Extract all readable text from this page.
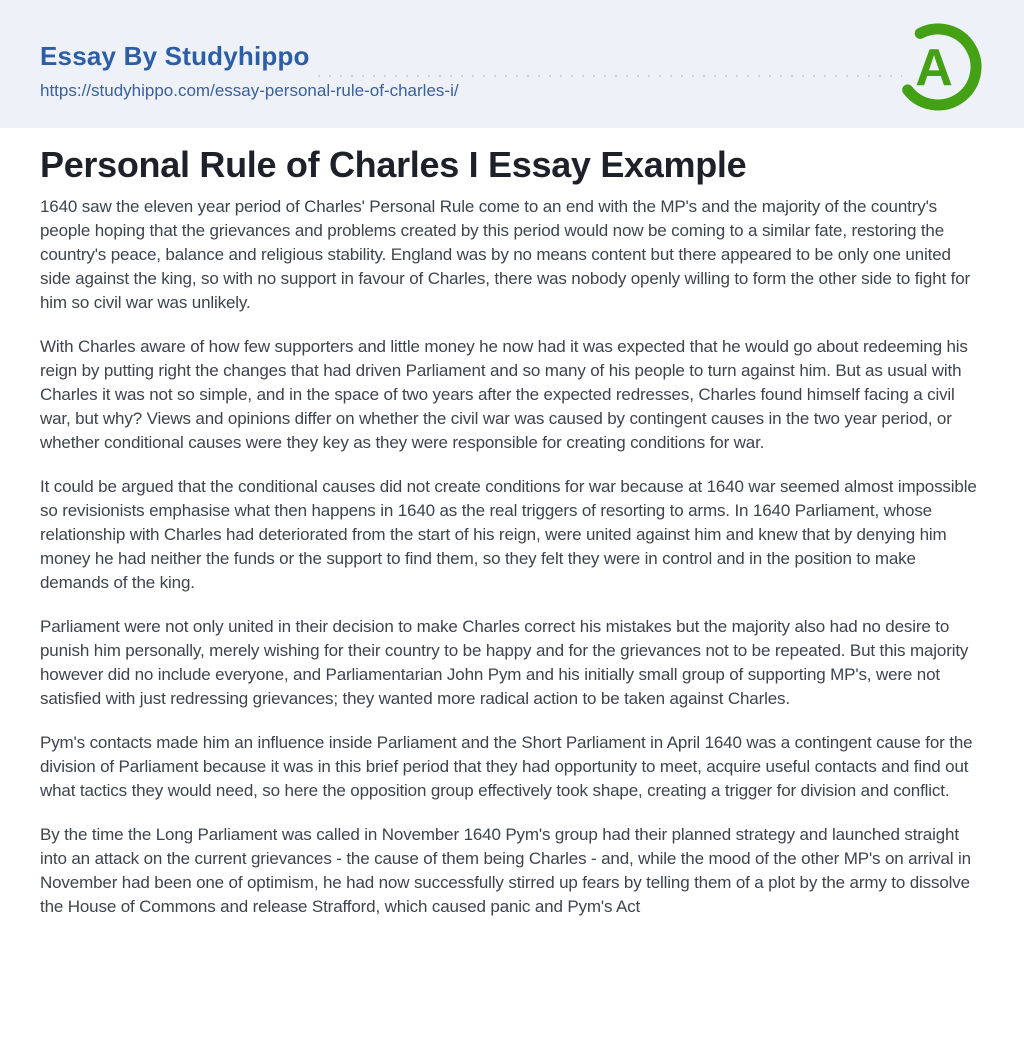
Essay By Studyhippo
https://studyhippo.com/essay-personal-rule-of-charles-i/	A
Personal Rule of Charles I Essay Example

1640 saw the eleven year period of Charles' Personal Rule come to an end with the MP's and the majority of the country's people hoping that the grievances and problems created by this period would now be coming to a similar fate, restoring the country's peace, balance and religious stability. England was by no means content but there appeared to be only one united side against the king, so with no support in favour of Charles, there was nobody openly willing to form the other side to fight for him so civil war was unlikely.

With Charles aware of how few supporters and little money he now had it was expected that he would go about redeeming his reign by putting right the changes that had driven Parliament and so many of his people to turn against him. But as usual with Charles it was not so simple, and in the space of two years after the expected redresses, Charles found himself facing a civil war, but why? Views and opinions differ on whether the civil war was caused by contingent causes in the two year period, or whether conditional causes were they key as they were responsible for creating conditions for war.

It could be argued that the conditional causes did not create conditions for war because at 1640 war seemed almost impossible so revisionists emphasise what then happens in 1640 as the real triggers of resorting to arms. In 1640 Parliament, whose relationship with Charles had deteriorated from the start of his reign, were united against him and knew that by denying him money he had neither the funds or the support to find them, so they felt they were in control and in the position to make demands of the king.

Parliament were not only united in their decision to make Charles correct his mistakes but the majority also had no desire to punish him personally, merely wishing for their country to be happy and for the grievances not to be repeated. But this majority however did no include everyone, and Parliamentarian John Pym and his initially small group of supporting MP's, were not satisfied with just redressing grievances; they wanted more radical action to be taken against Charles.

Pym's contacts made him an influence inside Parliament and the Short Parliament in April 1640 was a contingent cause for the division of Parliament because it was in this brief period that they had opportunity to meet, acquire useful contacts and find out what tactics they would need, so here the opposition group effectively took shape, creating a trigger for division and conflict.

By the time the Long Parliament was called in November 1640 Pym's group had their planned strategy and launched straight into an attack on the current grievances - the cause of them being Charles - and, while the mood of the other MP's on arrival in November had been one of optimism, he had now successfully stirred up fears by telling them of a plot by the army to dissolve the House of Commons and release Strafford, which caused panic and Pym's Act
